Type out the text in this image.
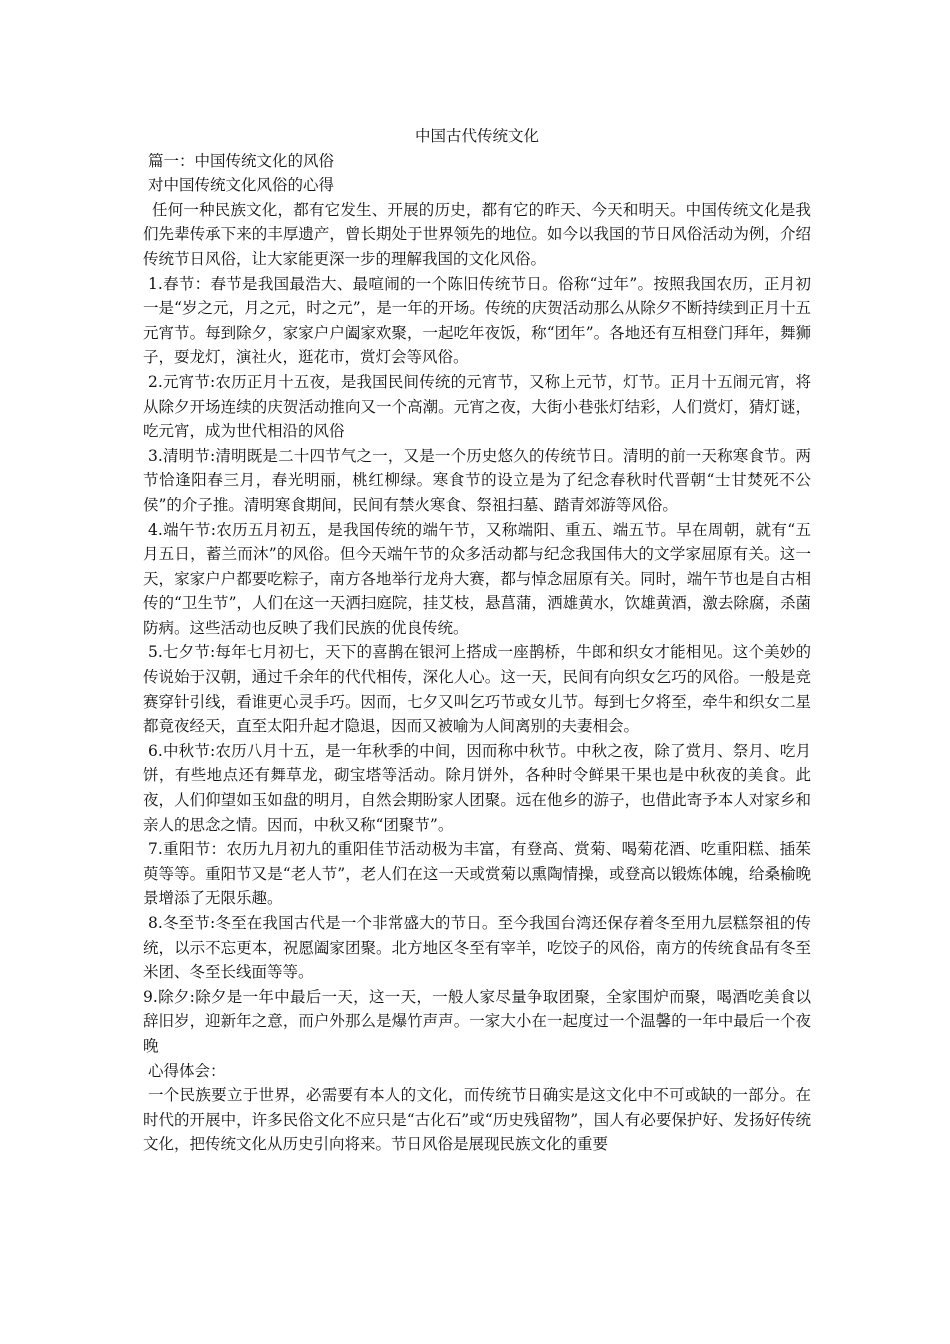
中国古代传统文化

篇一：中国传统文化的风俗

对中国传统文化风俗的心得

任何一种民族文化，都有它发生、开展的历史，都有它的昨天、今天和明天。中国传统文化是我们先辈传承下来的丰厚遗产，曾长期处于世界领先的地位。如今以我国的节日风俗活动为例，介绍传统节日风俗，让大家能更深一步的理解我国的文化风俗。

1.春节：春节是我国最浩大、最喧闹的一个陈旧传统节日。俗称“过年”。按照我国农历，正月初一是“岁之元，月之元，时之元”，是一年的开场。传统的庆贺活动那么从除夕不断持续到正月十五元宵节。每到除夕，家家户户阖家欢聚，一起吃年夜饭，称“团年”。各地还有互相登门拜年，舞狮子，耍龙灯，演社火，逛花市，赏灯会等风俗。

2.元宵节:农历正月十五夜，是我国民间传统的元宵节，又称上元节，灯节。正月十五闹元宵，将从除夕开场连续的庆贺活动推向又一个高潮。元宵之夜，大街小巷张灯结彩，人们赏灯，猜灯谜，吃元宵，成为世代相沿的风俗

3.清明节:清明既是二十四节气之一，又是一个历史悠久的传统节日。清明的前一天称寒食节。两节恰逢阳春三月，春光明丽，桃红柳绿。寒食节的设立是为了纪念春秋时代晋朝“士甘焚死不公侯”的介子推。清明寒食期间，民间有禁火寒食、祭祖扫墓、踏青郊游等风俗。

4.端午节:农历五月初五，是我国传统的端午节，又称端阳、重五、端五节。早在周朝，就有“五月五日，蓄兰而沐”的风俗。但今天端午节的众多活动都与纪念我国伟大的文学家屈原有关。这一天，家家户户都要吃粽子，南方各地举行龙舟大赛，都与悼念屈原有关。同时，端午节也是自古相传的“卫生节”，人们在这一天洒扫庭院，挂艾枝，悬菖蒲，洒雄黄水，饮雄黄酒，激去除腐，杀菌防病。这些活动也反映了我们民族的优良传统。

5.七夕节:每年七月初七，天下的喜鹊在银河上搭成一座鹊桥，牛郎和织女才能相见。这个美妙的传说始于汉朝，通过千余年的代代相传，深化人心。这一天，民间有向织女乞巧的风俗。一般是竞赛穿针引线，看谁更心灵手巧。因而，七夕又叫乞巧节或女儿节。每到七夕将至，牵牛和织女二星都竟夜经天，直至太阳升起才隐退，因而又被喻为人间离别的夫妻相会。

6.中秋节:农历八月十五，是一年秋季的中间，因而称中秋节。中秋之夜，除了赏月、祭月、吃月饼，有些地点还有舞草龙，砌宝塔等活动。除月饼外，各种时令鲜果干果也是中秋夜的美食。此夜，人们仰望如玉如盘的明月，自然会期盼家人团聚。远在他乡的游子，也借此寄予本人对家乡和亲人的思念之情。因而，中秋又称“团聚节”。

7.重阳节：农历九月初九的重阳佳节活动极为丰富，有登高、赏菊、喝菊花酒、吃重阳糕、插茱萸等等。重阳节又是“老人节”，老人们在这一天或赏菊以熏陶情操，或登高以锻炼体魄，给桑榆晚景增添了无限乐趣。

8.冬至节:冬至在我国古代是一个非常盛大的节日。至今我国台湾还保存着冬至用九层糕祭祖的传统，以示不忘更本，祝愿阖家团聚。北方地区冬至有宰羊，吃饺子的风俗，南方的传统食品有冬至米团、冬至长线面等等。

9.除夕:除夕是一年中最后一天，这一天，一般人家尽量争取团聚，全家围炉而聚，喝酒吃美食以辞旧岁，迎新年之意，而户外那么是爆竹声声。一家大小在一起度过一个温馨的一年中最后一个夜晚

心得体会：

一个民族要立于世界，必需要有本人的文化，而传统节日确实是这文化中不可或缺的一部分。在时代的开展中，许多民俗文化不应只是“古化石”或“历史残留物”，国人有必要保护好、发扬好传统文化，把传统文化从历史引向将来。节日风俗是展现民族文化的重要
